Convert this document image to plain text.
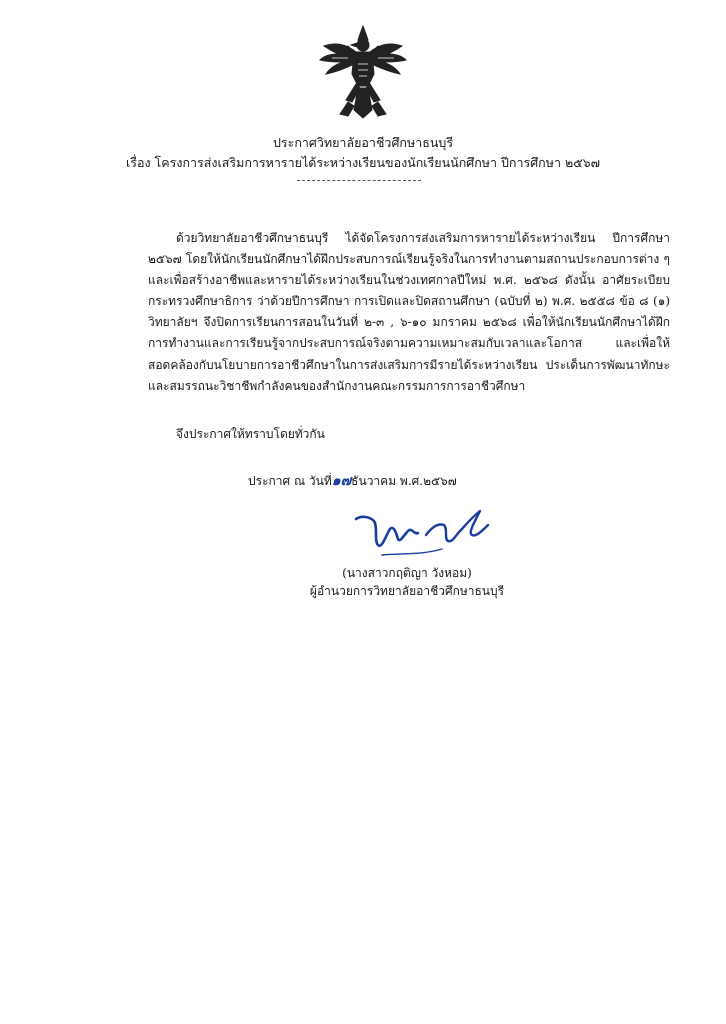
ประกาศวิทยาลัยอาชีวศึกษาธนบุรี
เรื่อง โครงการส่งเสริมการหารายได้ระหว่างเรียนของนักเรียนนักศึกษา ปีการศึกษา ๒๕๖๗
ด้วยวิทยาลัยอาชีวศึกษาธนบุรี ได้จัดโครงการส่งเสริมการหารายได้ระหว่างเรียน ปีการศึกษา ๒๕๖๗ โดยให้นักเรียนนักศึกษาได้ฝึกประสบการณ์เรียนรู้จริงในการทำงานตามสถานประกอบการต่าง ๆ และเพื่อสร้างอาชีพและหารายได้ระหว่างเรียนในช่วงเทศกาลปีใหม่ พ.ศ. ๒๕๖๘ ดังนั้น อาศัยระเบียบกระทรวงศึกษาธิการ ว่าด้วยปีการศึกษา การเปิดและปิดสถานศึกษา (ฉบับที่ ๒) พ.ศ. ๒๕๕๘ ข้อ ๘ (๑) วิทยาลัยฯ จึงปิดการเรียนการสอนในวันที่ ๒-๓ , ๖-๑๐ มกราคม ๒๕๖๘ เพื่อให้นักเรียนนักศึกษาได้ฝึกการทำงานและการเรียนรู้จากประสบการณ์จริงตามความเหมาะสมกับเวลาและโอกาส และเพื่อให้สอดคล้องกับนโยบายการอาชีวศึกษาในการส่งเสริมการมีรายได้ระหว่างเรียน ประเด็นการพัฒนาทักษะและสมรรถนะวิชาชีพกำลังคนของสำนักงานคณะกรรมการการอาชีวศึกษา
จึงประกาศให้ทราบโดยทั่วกัน
ประกาศ ณ วันที่๑๗ธันวาคม พ.ศ.๒๕๖๗
(นางสาวกฤติญา วังหอม)
ผู้อำนวยการวิทยาลัยอาชีวศึกษาธนบุรี
